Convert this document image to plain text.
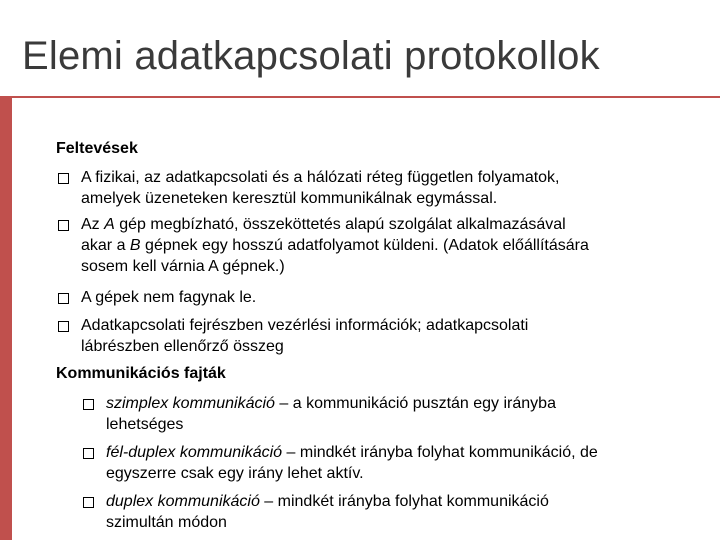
Elemi adatkapcsolati protokollok
Feltevések
A fizikai, az adatkapcsolati és a hálózati réteg független folyamatok,
amelyek üzeneteken keresztül kommunikálnak egymással.
Az A gép megbízható, összeköttetés alapú szolgálat alkalmazásával
akar a B gépnek egy hosszú adatfolyamot küldeni. (Adatok előállítására
sosem kell várnia A gépnek.)
A gépek nem fagynak le.
Adatkapcsolati fejrészben vezérlési információk; adatkapcsolati
lábrészben ellenőrző összeg
Kommunikációs fajták
szimplex kommunikáció – a kommunikáció pusztán egy irányba
lehetséges
fél-duplex kommunikáció – mindkét irányba folyhat kommunikáció, de
egyszerre csak egy irány lehet aktív.
duplex kommunikáció – mindkét irányba folyhat kommunikáció
szimultán módon
